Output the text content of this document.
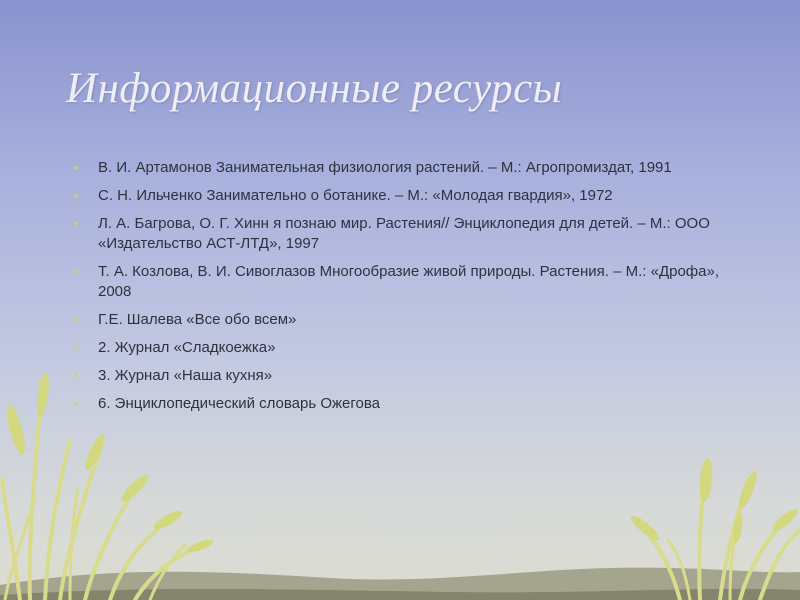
Информационные ресурсы
• В. И. Артамонов Занимательная физиология растений. – М.: Агропромиздат, 1991
• С. Н. Ильченко Занимательно о ботанике. – М.: «Молодая гвардия», 1972
• Л. А. Багрова, О. Г. Хинн я познаю мир. Растения// Энциклопедия для детей. – М.: ООО «Издательство АСТ-ЛТД», 1997
• Т. А. Козлова, В. И. Сивоглазов Многообразие живой природы. Растения. – М.: «Дрофа», 2008
• Г.Е. Шалева «Все обо всем»
• 2. Журнал «Сладкоежка»
• 3. Журнал «Наша кухня»
• 6. Энциклопедический словарь Ожегова
